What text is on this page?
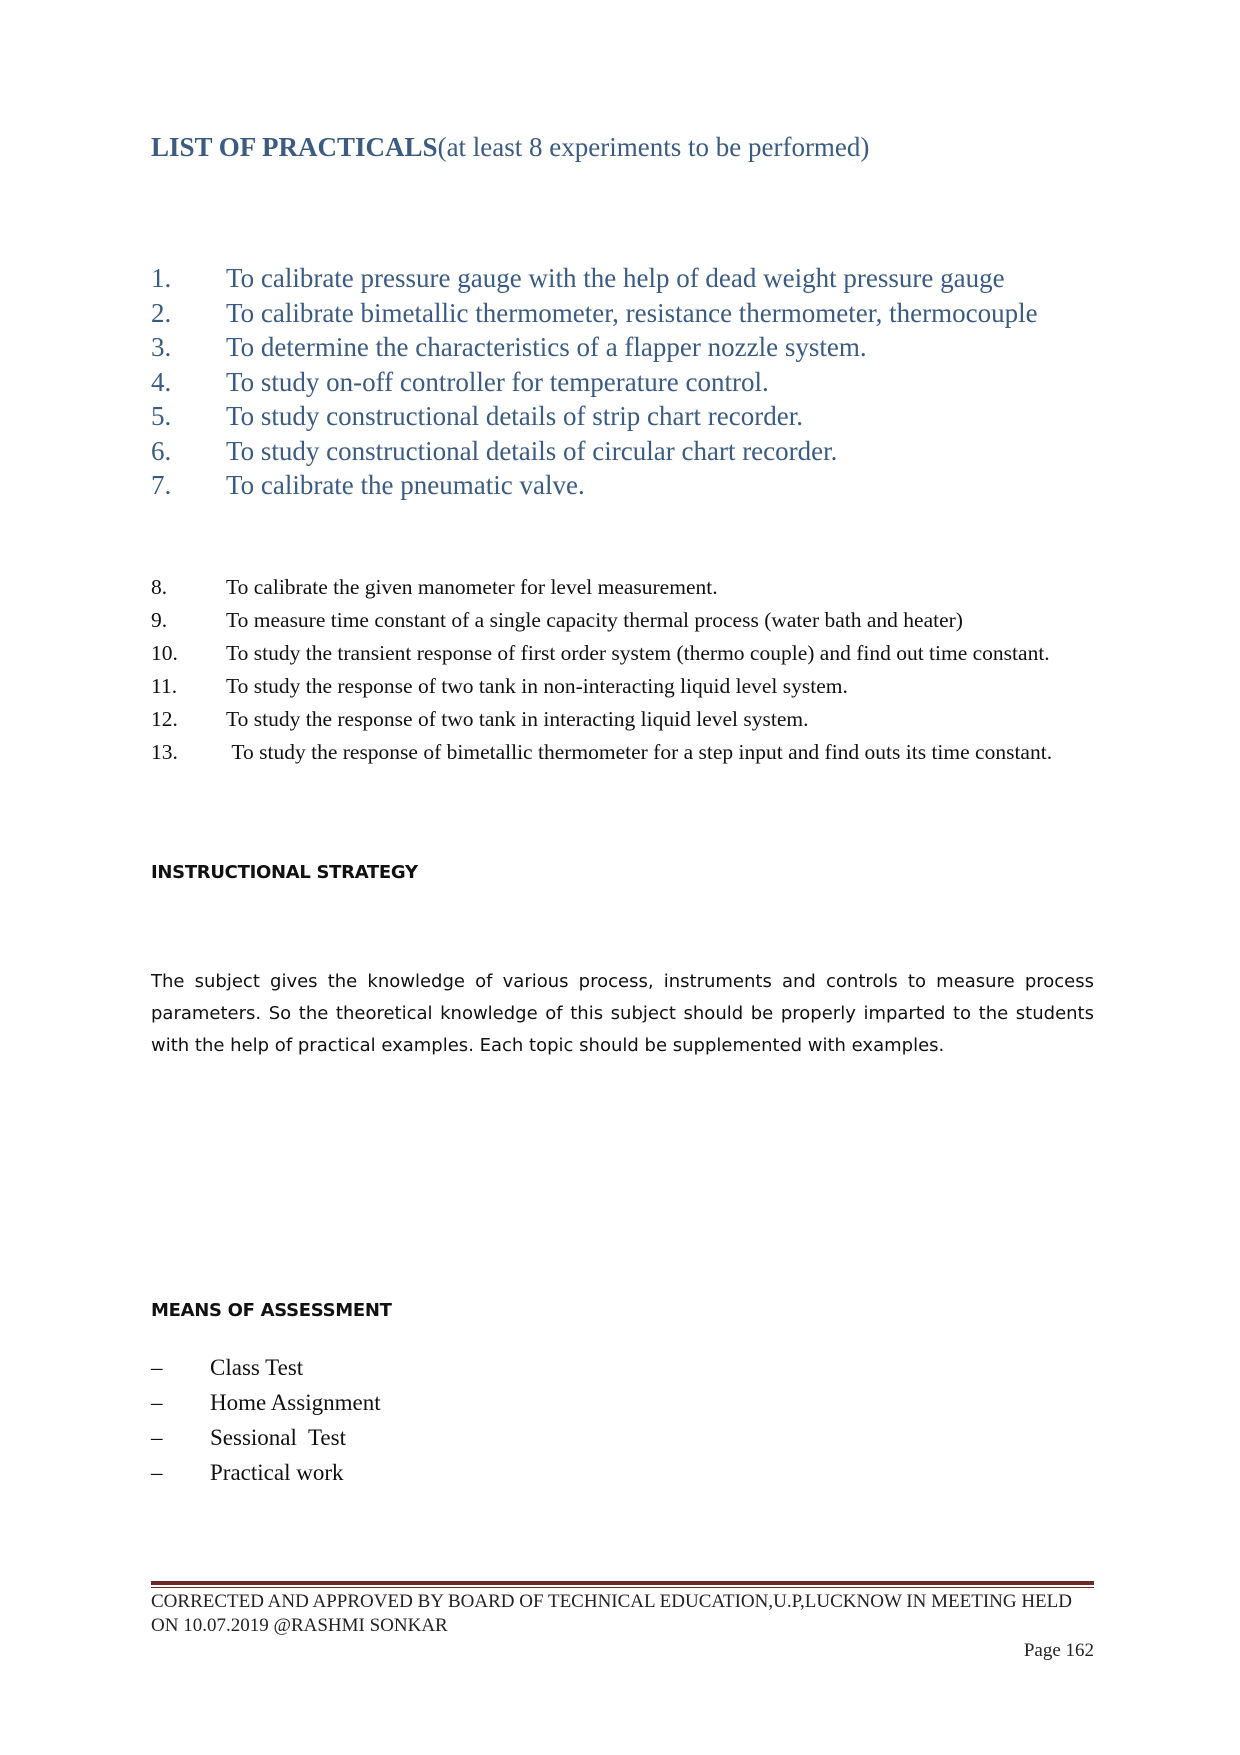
LIST OF PRACTICALS(at least 8 experiments to be performed)
1.	To calibrate pressure gauge with the help of dead weight pressure gauge
2.	To calibrate bimetallic thermometer, resistance thermometer, thermocouple
3.	To determine the characteristics of a flapper nozzle system.
4.	To study on-off controller for temperature control.
5.	To study constructional details of strip chart recorder.
6.	To study constructional details of circular chart recorder.
7.	To calibrate the pneumatic valve.
8.	To calibrate the given manometer for level measurement.
9.	To measure time constant of a single capacity thermal process (water bath and heater)
10.	To study the transient response of first order system (thermo couple) and find out time constant.
11.	To study the response of two tank in non-interacting liquid level system.
12.	To study the response of two tank in interacting liquid level system.
13.	To study the response of bimetallic thermometer for a step input and find outs its time constant.
INSTRUCTIONAL STRATEGY
The subject gives the knowledge of various process, instruments and controls to measure process parameters. So the theoretical knowledge of this subject should be properly imparted to the students with the help of practical examples. Each topic should be supplemented with examples.
MEANS OF ASSESSMENT
–	Class Test
–	Home Assignment
–	Sessional  Test
–	Practical work
CORRECTED AND APPROVED BY BOARD OF TECHNICAL EDUCATION,U.P,LUCKNOW IN MEETING HELD ON 10.07.2019 @RASHMI SONKAR
Page 162
